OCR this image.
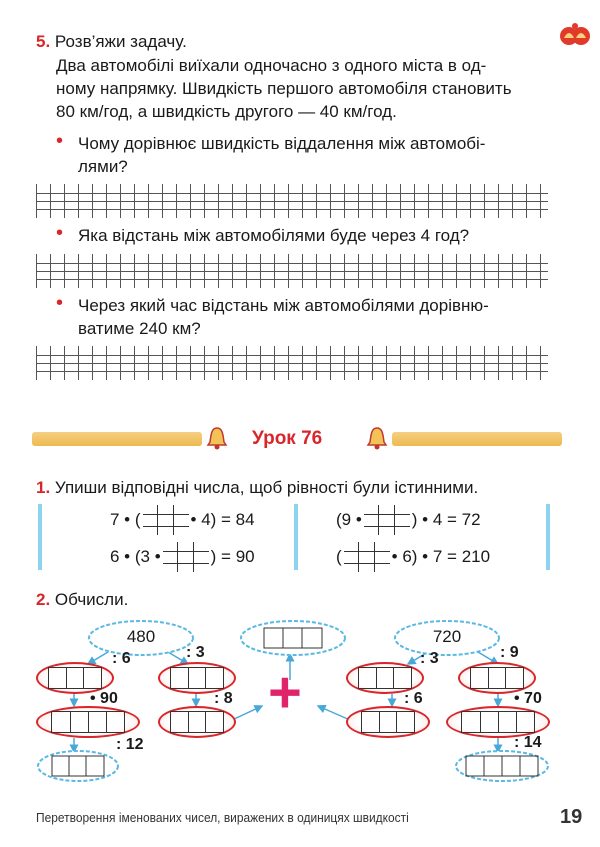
5. Розв’яжи задачу.
Два автомобілі виїхали одночасно з одного міста в од-
ному напрямку. Швидкість першого автомобіля становить
80 км/год, а швидкість другого — 40 км/год.
• Чому дорівнює швидкість віддалення між автомобі-
лями?
• Яка відстань між автомобілями буде через 4 год?
• Через який час відстань між автомобілями дорівню-
ватиме 240 км?
Урок 76
1. Упиши відповідні числа, щоб рівності були істинними.
7 • (	• 4) = 84
6 • (3 •	) = 90
(9 •	) • 4 = 72
(	• 6) • 7 = 210
2. Обчисли.
480	720
: 6	: 3
• 90	: 8
: 12
: 3	: 9
: 6	• 70
: 14
+
Перетворення іменованих чисел, виражених в одиницях швидкості	19
